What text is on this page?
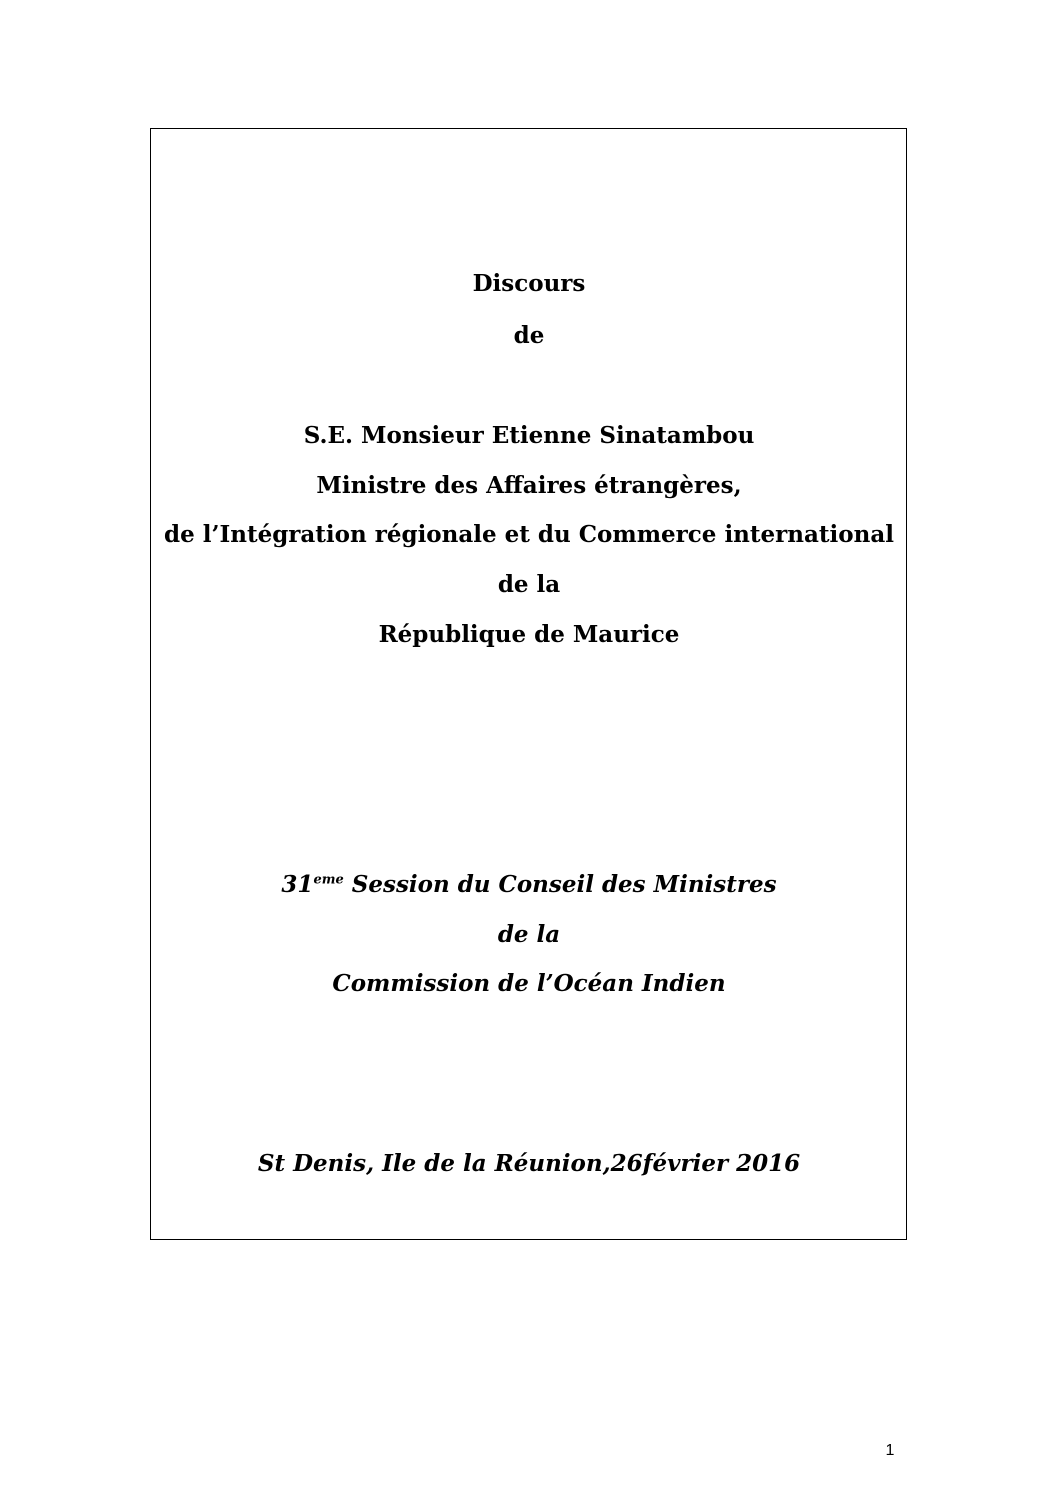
Discours
de
S.E. Monsieur Etienne Sinatambou
Ministre des Affaires étrangères,
de l’Intégration régionale et du Commerce international
de la
République de Maurice
31eme Session du Conseil des Ministres
de la
Commission de l’Océan Indien
St Denis, Ile de la Réunion,26février 2016
1
